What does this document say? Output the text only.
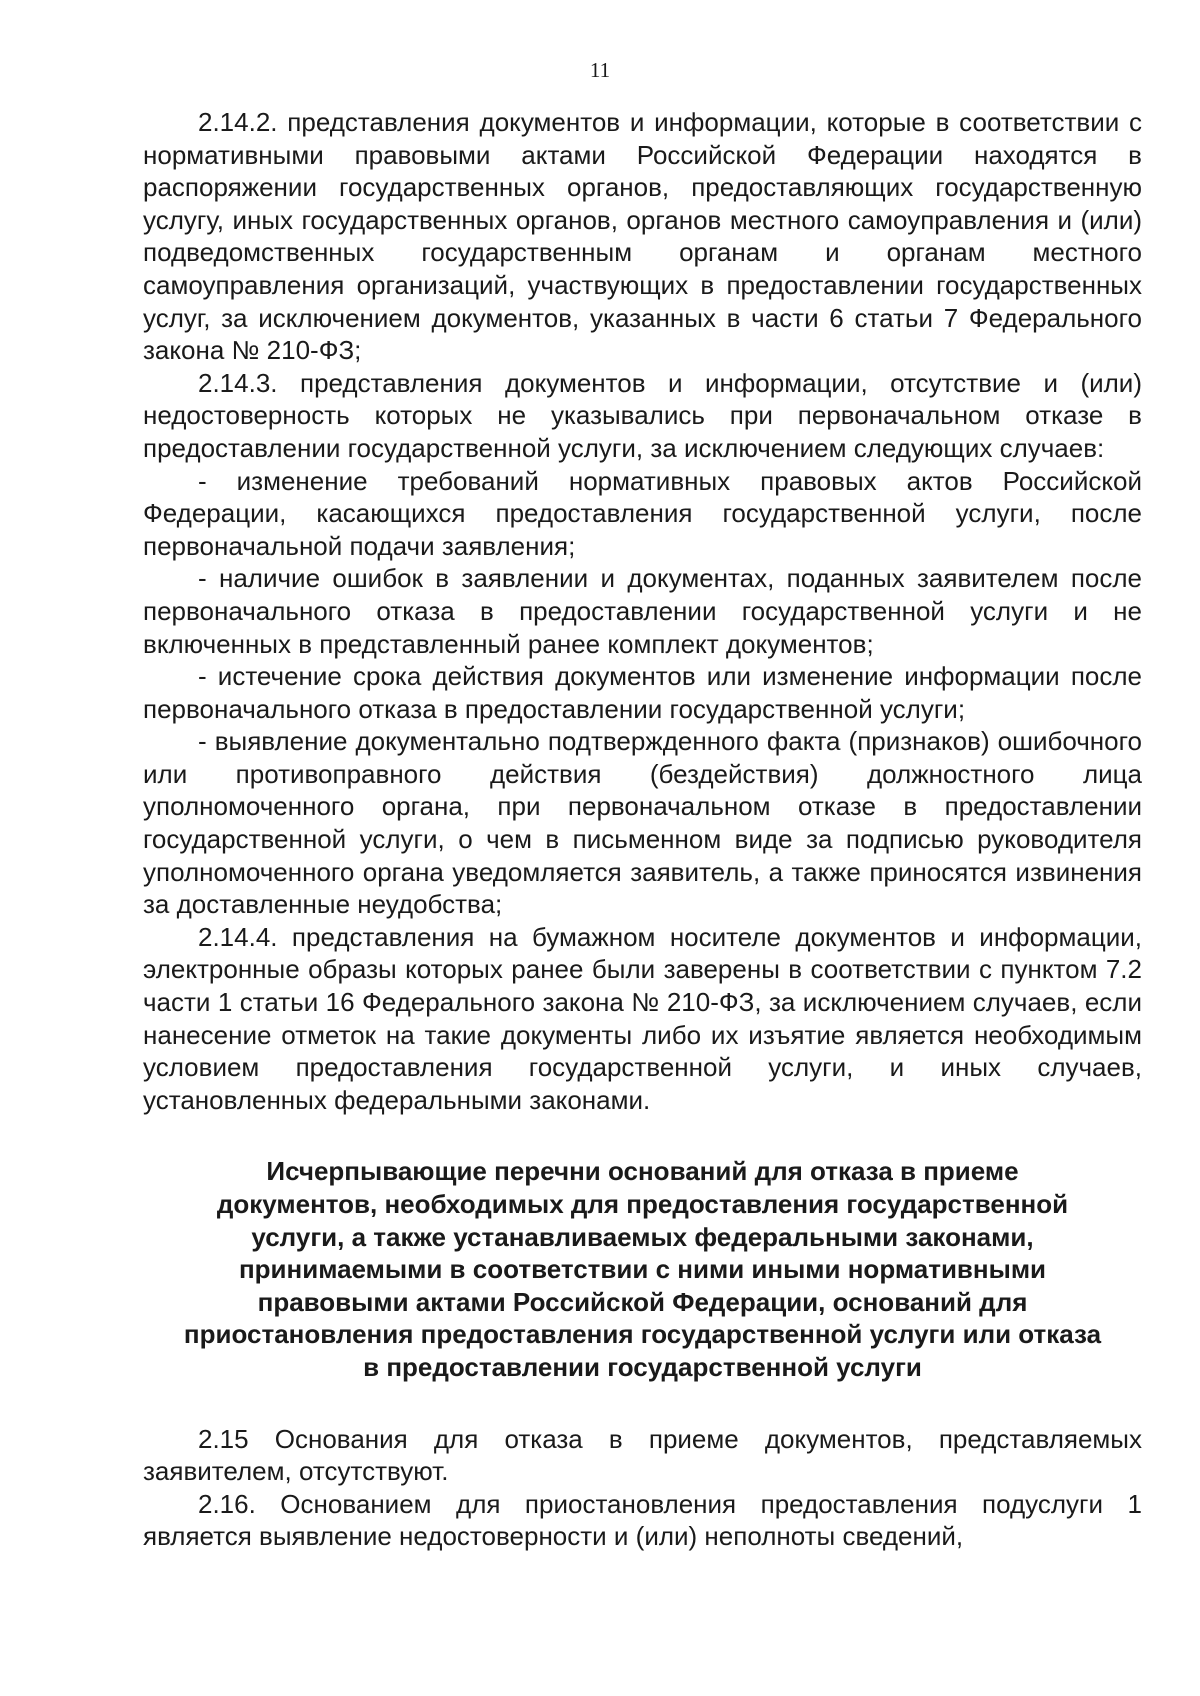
11

2.14.2. представления документов и информации, которые в соответствии с нормативными правовыми актами Российской Федерации находятся в распоряжении государственных органов, предоставляющих государственную услугу, иных государственных органов, органов местного самоуправления и (или) подведомственных государственным органам и органам местного самоуправления организаций, участвующих в предоставлении государственных услуг, за исключением документов, указанных в части 6 статьи 7 Федерального закона № 210-ФЗ;

2.14.3. представления документов и информации, отсутствие и (или) недостоверность которых не указывались при первоначальном отказе в предоставлении государственной услуги, за исключением следующих случаев:

- изменение требований нормативных правовых актов Российской Федерации, касающихся предоставления государственной услуги, после первоначальной подачи заявления;

- наличие ошибок в заявлении и документах, поданных заявителем после первоначального отказа в предоставлении государственной услуги и не включенных в представленный ранее комплект документов;

- истечение срока действия документов или изменение информации после первоначального отказа в предоставлении государственной услуги;

- выявление документально подтвержденного факта (признаков) ошибочного или противоправного действия (бездействия) должностного лица уполномоченного органа, при первоначальном отказе в предоставлении государственной услуги, о чем в письменном виде за подписью руководителя уполномоченного органа уведомляется заявитель, а также приносятся извинения за доставленные неудобства;

2.14.4. представления на бумажном носителе документов и информации, электронные образы которых ранее были заверены в соответствии с пунктом 7.2 части 1 статьи 16 Федерального закона № 210-ФЗ, за исключением случаев, если нанесение отметок на такие документы либо их изъятие является необходимым условием предоставления государственной услуги, и иных случаев, установленных федеральными законами.

Исчерпывающие перечни оснований для отказа в приеме документов, необходимых для предоставления государственной услуги, а также устанавливаемых федеральными законами, принимаемыми в соответствии с ними иными нормативными правовыми актами Российской Федерации, оснований для приостановления предоставления государственной услуги или отказа в предоставлении государственной услуги

2.15 Основания для отказа в приеме документов, представляемых заявителем, отсутствуют.

2.16. Основанием для приостановления предоставления подуслуги 1 является выявление недостоверности и (или) неполноты сведений,
